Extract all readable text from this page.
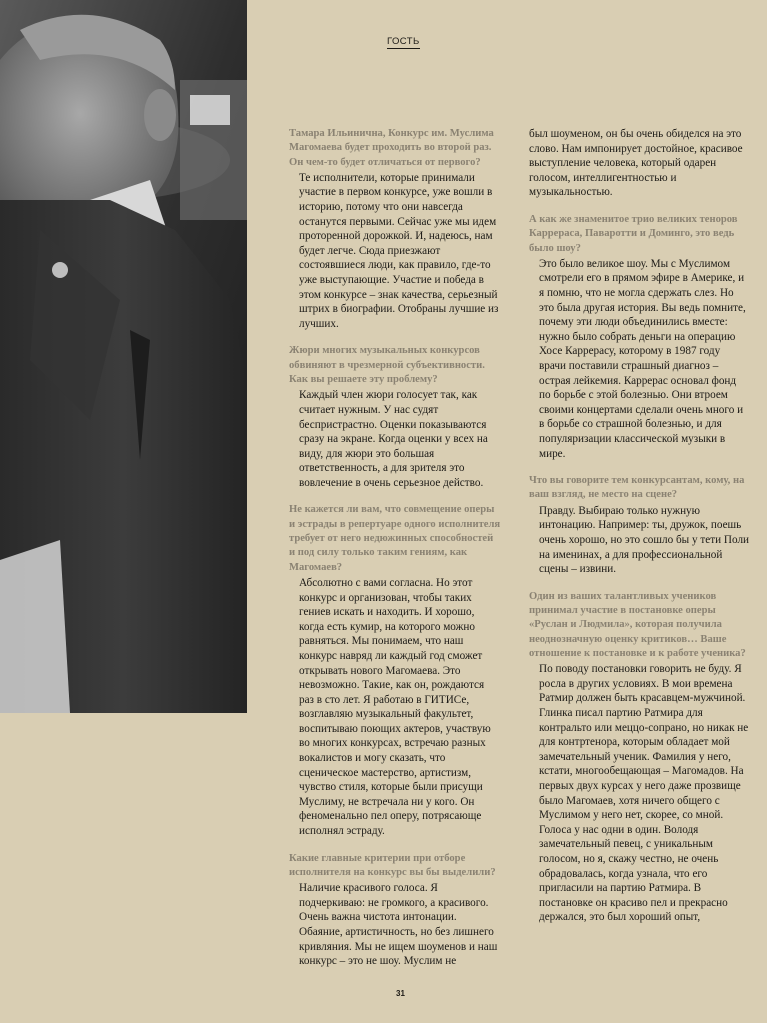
ГОСТЬ

Тамара Ильинична, Конкурс им. Муслима Магомаева будет проходить во второй раз. Он чем-то будет отличаться от первого?

Те исполнители, которые принимали участие в первом конкурсе, уже вошли в историю, потому что они навсегда останутся первыми. Сейчас уже мы идем проторенной дорожкой. И, надеюсь, нам будет легче. Сюда приезжают состоявшиеся люди, как правило, где-то уже выступающие. Участие и победа в этом конкурсе – знак качества, серьезный штрих в биографии. Отобраны лучшие из лучших.

Жюри многих музыкальных конкурсов обвиняют в чрезмерной субъективности. Как вы решаете эту проблему?

Каждый член жюри голосует так, как считает нужным. У нас судят беспристрастно. Оценки показываются сразу на экране. Когда оценки у всех на виду, для жюри это большая ответственность, а для зрителя это вовлечение в очень серьезное действо.

Не кажется ли вам, что совмещение оперы и эстрады в репертуаре одного исполнителя требует от него недюжинных способностей и под силу только таким гениям, как Магомаев?

Абсолютно с вами согласна. Но этот конкурс и организован, чтобы таких гениев искать и находить. И хорошо, когда есть кумир, на которого можно равняться. Мы понимаем, что наш конкурс навряд ли каждый год сможет открывать нового Магомаева. Это невозможно. Такие, как он, рождаются раз в сто лет. Я работаю в ГИТИСе, возглавляю музыкальный факультет, воспитываю поющих актеров, участвую во многих конкурсах, встречаю разных вокалистов и могу сказать, что сценическое мастерство, артистизм, чувство стиля, которые были присущи Муслиму, не встречала ни у кого. Он феноменально пел оперу, потрясающе исполнял эстраду.

Какие главные критерии при отборе исполнителя на конкурс вы бы выделили?

Наличие красивого голоса. Я подчеркиваю: не громкого, а красивого. Очень важна чистота интонации. Обаяние, артистичность, но без лишнего кривляния. Мы не ищем шоуменов и наш конкурс – это не шоу. Муслим не

был шоуменом, он бы очень обиделся на это слово. Нам импонирует достойное, красивое выступление человека, который одарен голосом, интеллигентностью и музыкальностью.

А как же знаменитое трио великих теноров Каррераса, Паваротти и Доминго, это ведь было шоу?

Это было великое шоу. Мы с Муслимом смотрели его в прямом эфире в Америке, и я помню, что не могла сдержать слез. Но это была другая история. Вы ведь помните, почему эти люди объединились вместе: нужно было собрать деньги на операцию Хосе Каррерасу, которому в 1987 году врачи поставили страшный диагноз – острая лейкемия. Каррерас основал фонд по борьбе с этой болезнью. Они втроем своими концертами сделали очень много и в борьбе со страшной болезнью, и для популяризации классической музыки в мире.

Что вы говорите тем конкурсантам, кому, на ваш взгляд, не место на сцене?

Правду. Выбираю только нужную интонацию. Например: ты, дружок, поешь очень хорошо, но это сошло бы у тети Поли на именинах, а для профессиональной сцены – извини.

Один из ваших талантливых учеников принимал участие в постановке оперы «Руслан и Людмила», которая получила неоднозначную оценку критиков… Ваше отношение к постановке и к работе ученика?

По поводу постановки говорить не буду. Я росла в других условиях. В мои времена Ратмир должен быть красавцем-мужчиной. Глинка писал партию Ратмира для контральто или меццо-сопрано, но никак не для контртенора, которым обладает мой замечательный ученик. Фамилия у него, кстати, многообещающая – Магомадов. На первых двух курсах у него даже прозвище было Магомаев, хотя ничего общего с Муслимом у него нет, скорее, со мной. Голоса у нас одни в один. Володя замечательный певец, с уникальным голосом, но я, скажу честно, не очень обрадовалась, когда узнала, что его пригласили на партию Ратмира. В постановке он красиво пел и прекрасно держался, это был хороший опыт,

31
